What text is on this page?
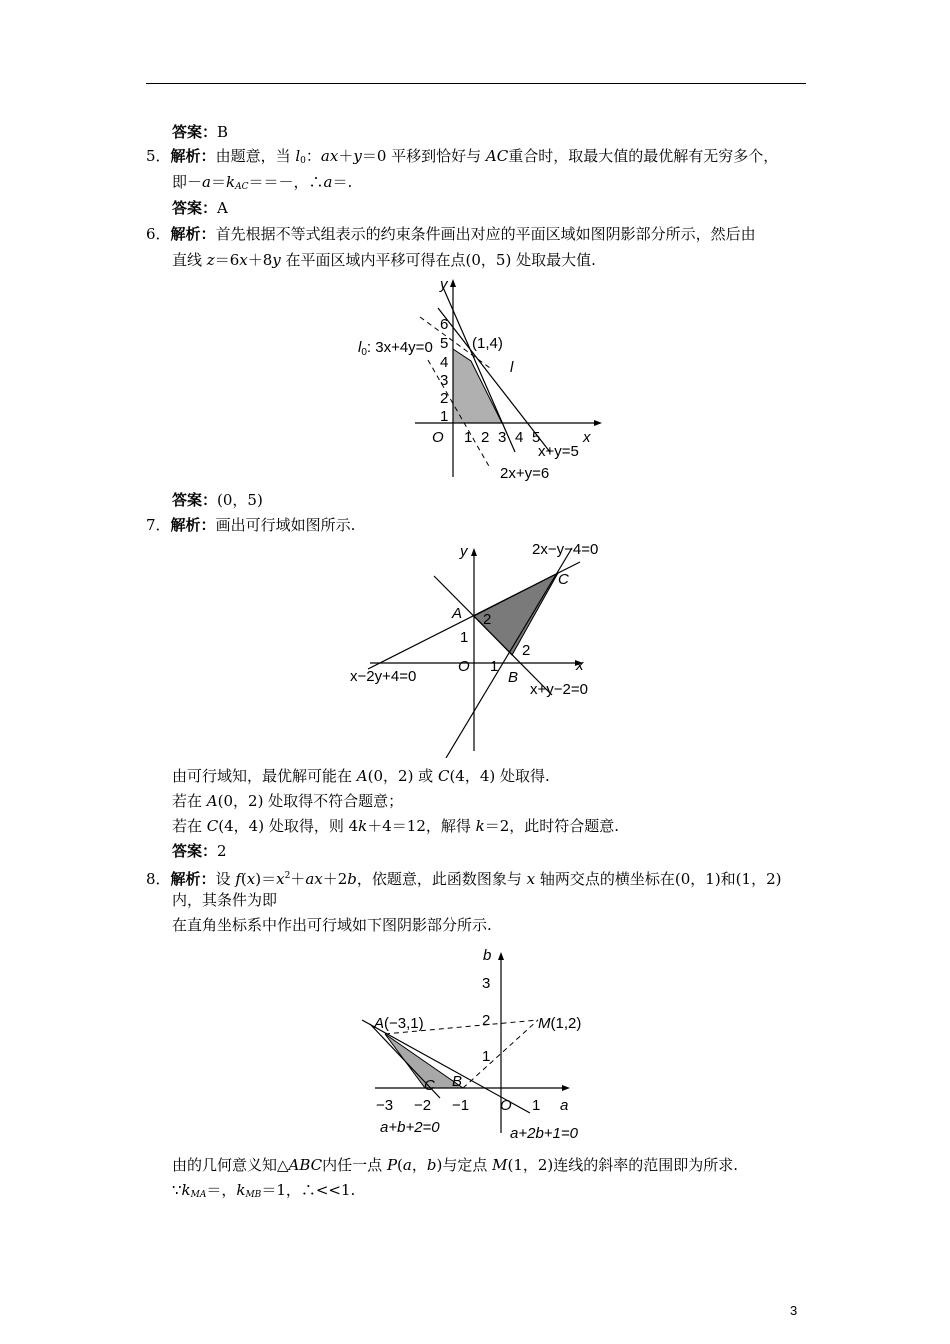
答案：B
5．解析：由题意，当 $l_0$：ax＋y＝0 平移到恰好与 AC重合时，取最大值的最优解有无穷多个，
即$-a=k_{AC}==-$，∴a＝.
答案：A
6．解析：首先根据不等式组表示的约束条件画出对应的平面区域如图阴影部分所示，然后由
直线 z＝6x＋8y 在平面区域内平移可得在点(0，5) 处取最大值.
y
x
O
6
5
4
3
2
1
1 2 3 4 5
$l_0$: 3x+4y=0	(1,4)
l
x+y=5
2x+y=6
答案：(0，5)
7．解析：画出可行域如图所示.
y
x
O
A
B
C
2
1
1
2
2x−y−4=0
x−2y+4=0
x+y−2=0
由可行域知，最优解可能在 A(0，2) 或 C(4，4) 处取得.
若在 A(0，2) 处取得不符合题意；
若在 C(4，4) 处取得，则 4k＋4＝12，解得 k＝2，此时符合题意.
答案：2
8．解析：设 $f(x)=x^2+ax+2b$，依题意，此函数图象与 x 轴两交点的横坐标在(0，1)和(1，2)
内，其条件为即
在直角坐标系中作出可行域如下图阴影部分所示.
b
a
O
3
2
1
−3 −2 −1	1
A(−3,1)	M(1,2)
B
C
a+b+2=0	a+2b+1=0
由的几何意义知△ABC内任一点 P(a，b)与定点 M(1，2)连线的斜率的范围即为所求.
$\because k_{MA}=$，$k_{MB}=1$，∴<<1.
3
